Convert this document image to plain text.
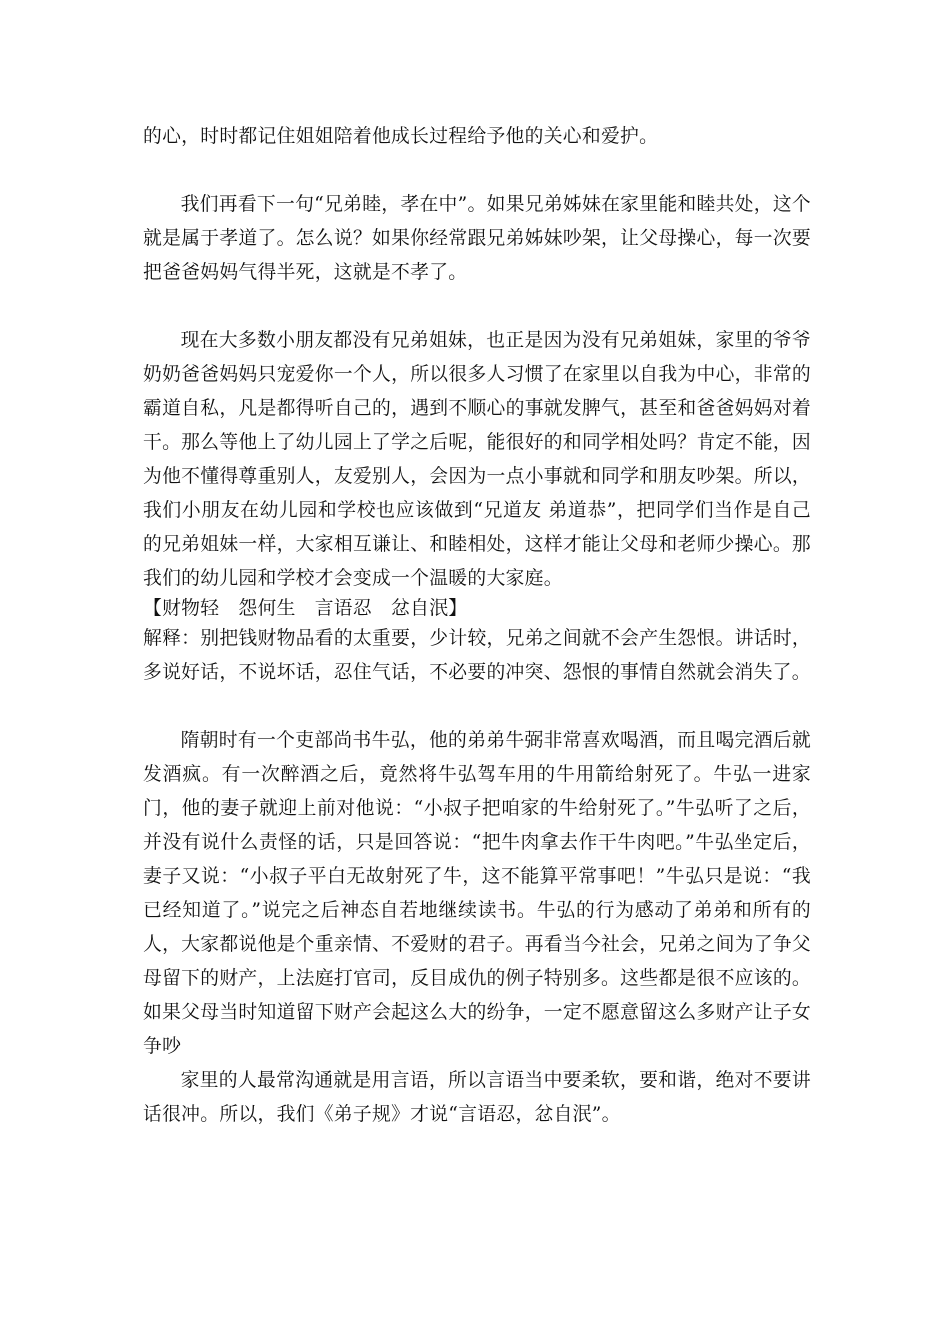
的心，时时都记住姐姐陪着他成长过程给予他的关心和爱护。

我们再看下一句“兄弟睦，孝在中”。如果兄弟姊妹在家里能和睦共处，这个就是属于孝道了。怎么说？如果你经常跟兄弟姊妹吵架，让父母操心，每一次要把爸爸妈妈气得半死，这就是不孝了。

现在大多数小朋友都没有兄弟姐妹，也正是因为没有兄弟姐妹，家里的爷爷奶奶爸爸妈妈只宠爱你一个人，所以很多人习惯了在家里以自我为中心，非常的霸道自私，凡是都得听自己的，遇到不顺心的事就发脾气，甚至和爸爸妈妈对着干。那么等他上了幼儿园上了学之后呢，能很好的和同学相处吗？肯定不能，因为他不懂得尊重别人，友爱别人，会因为一点小事就和同学和朋友吵架。所以，我们小朋友在幼儿园和学校也应该做到“兄道友 弟道恭”，把同学们当作是自己的兄弟姐妹一样，大家相互谦让、和睦相处，这样才能让父母和老师少操心。那我们的幼儿园和学校才会变成一个温暖的大家庭。

【财物轻　怨何生　言语忍　忿自泯】

解释：别把钱财物品看的太重要，少计较，兄弟之间就不会产生怨恨。讲话时，多说好话，不说坏话，忍住气话，不必要的冲突、怨恨的事情自然就会消失了。

隋朝时有一个吏部尚书牛弘，他的弟弟牛弼非常喜欢喝酒，而且喝完酒后就发酒疯。有一次醉酒之后，竟然将牛弘驾车用的牛用箭给射死了。牛弘一进家门，他的妻子就迎上前对他说：“小叔子把咱家的牛给射死了。”牛弘听了之后，并没有说什么责怪的话，只是回答说：“把牛肉拿去作干牛肉吧。”牛弘坐定后，妻子又说：“小叔子平白无故射死了牛，这不能算平常事吧！”牛弘只是说：“我已经知道了。”说完之后神态自若地继续读书。牛弘的行为感动了弟弟和所有的人，大家都说他是个重亲情、不爱财的君子。再看当今社会，兄弟之间为了争父母留下的财产，上法庭打官司，反目成仇的例子特别多。这些都是很不应该的。如果父母当时知道留下财产会起这么大的纷争，一定不愿意留这么多财产让子女争吵

家里的人最常沟通就是用言语，所以言语当中要柔软，要和谐，绝对不要讲话很冲。所以，我们《弟子规》才说“言语忍，忿自泯”。
